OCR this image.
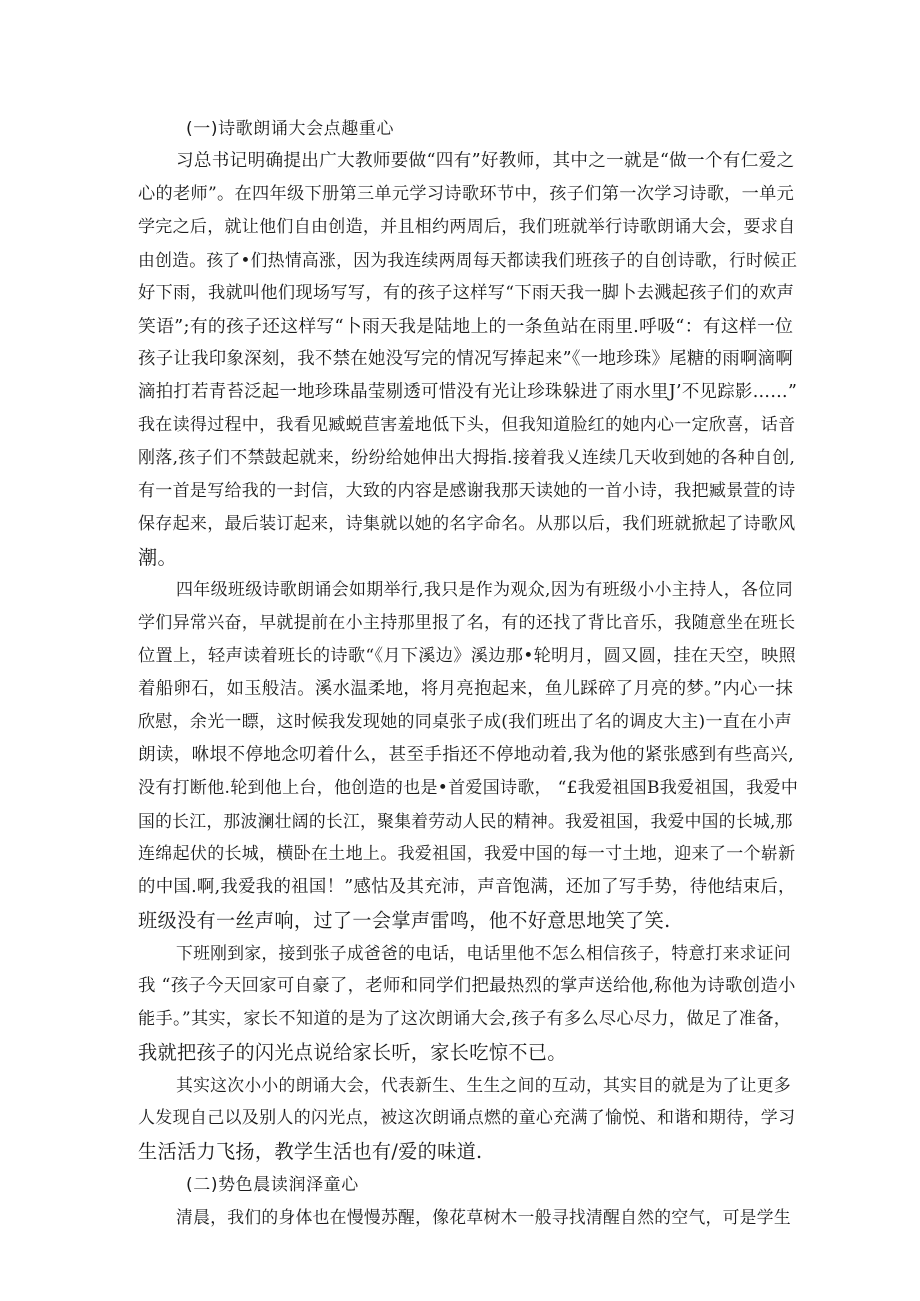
(一)诗歌朗诵大会点趣重心
习总书记明确提出广大教师要做“四有”好教师，其中之一就是“做一个有仁爱之
心的老师”。在四年级下册第三单元学习诗歌环节中，孩子们第一次学习诗歌，一单元
学完之后，就让他们自由创造，并且相约两周后，我们班就举行诗歌朗诵大会，要求自
由创造。孩了•们热情高涨，因为我连续两周每天都读我们班孩子的自创诗歌，行时候正
好下雨，我就叫他们现场写写，有的孩子这样写“下雨天我一脚卜去溅起孩子们的欢声
笑语”;有的孩子还这样写“卜雨天我是陆地上的一条鱼站在雨里.呼吸“：有这样一位
孩子让我印象深刻，我不禁在她没写完的情况写捧起来”《一地珍珠》尾糖的雨啊滴啊
滴拍打若青苔泛起一地珍珠晶莹剔透可惜没有光让珍珠躲进了雨水里J’不见踪影……”
我在读得过程中，我看见臧蜕苣害羞地低下头，但我知道脸红的她内心一定欣喜，话音
刚落,孩子们不禁鼓起就来，纷纷给她伸出大拇指.接着我乂连续几天收到她的各种自创,
有一首是写给我的一封信，大致的内容是感谢我那天读她的一首小诗，我把臧景萱的诗
保存起来，最后装订起来，诗集就以她的名字命名。从那以后，我们班就掀起了诗歌风
潮。
四年级班级诗歌朗诵会如期举行,我只是作为观众,因为有班级小小主持人，各位同
学们异常兴奋，早就提前在小主持那里报了名，有的还找了背比音乐，我随意坐在班长
位置上，轻声读着班长的诗歌“《月下溪边》溪边那•轮明月，圆又圆，挂在天空，映照
着船卵石，如玉般洁。溪水温柔地，将月亮抱起来，鱼儿踩碎了月亮的梦。”内心一抹
欣慰，余光一瞟，这时候我发现她的同桌张子成(我们班出了名的调皮大主)一直在小声
朗读，咻垠不停地念叨着什么，甚至手指还不停地动着,我为他的紧张感到有些高兴,
没有打断他.轮到他上台，他创造的也是•首爱国诗歌， “£我爱祖国B我爱祖国，我爱中
国的长江，那波澜壮阔的长江，聚集着劳动人民的精神。我爱祖国，我爱中国的长城,那
连绵起伏的长城，横卧在土地上。我爱祖国，我爱中国的每一寸土地，迎来了一个崭新
的中国.啊,我爱我的祖国！”感怙及其充沛，声音饱满，还加了写手势，待他结束后，
班级没有一丝声响，过了一会掌声雷鸣，他不好意思地笑了笑.
下班刚到家，接到张子成爸爸的电话，电话里他不怎么相信孩子，特意打来求证问
我 “孩子今天回家可自豪了，老师和同学们把最热烈的掌声送给他,称他为诗歌创造小
能手。”其实，家长不知道的是为了这次朗诵大会,孩子有多么尽心尽力，做足了准备，
我就把孩子的闪光点说给家长听，家长吃惊不已。
其实这次小小的朗诵大会，代表新生、生生之间的互动，其实目的就是为了让更多
人发现自己以及别人的闪光点，被这次朗诵点燃的童心充满了愉悦、和谐和期待，学习
生活活力飞扬，教学生活也有/爱的味道.
(二)势色晨读润泽童心
清晨，我们的身体也在慢慢苏醒，像花草树木一般寻找清醒自然的空气，可是学生
